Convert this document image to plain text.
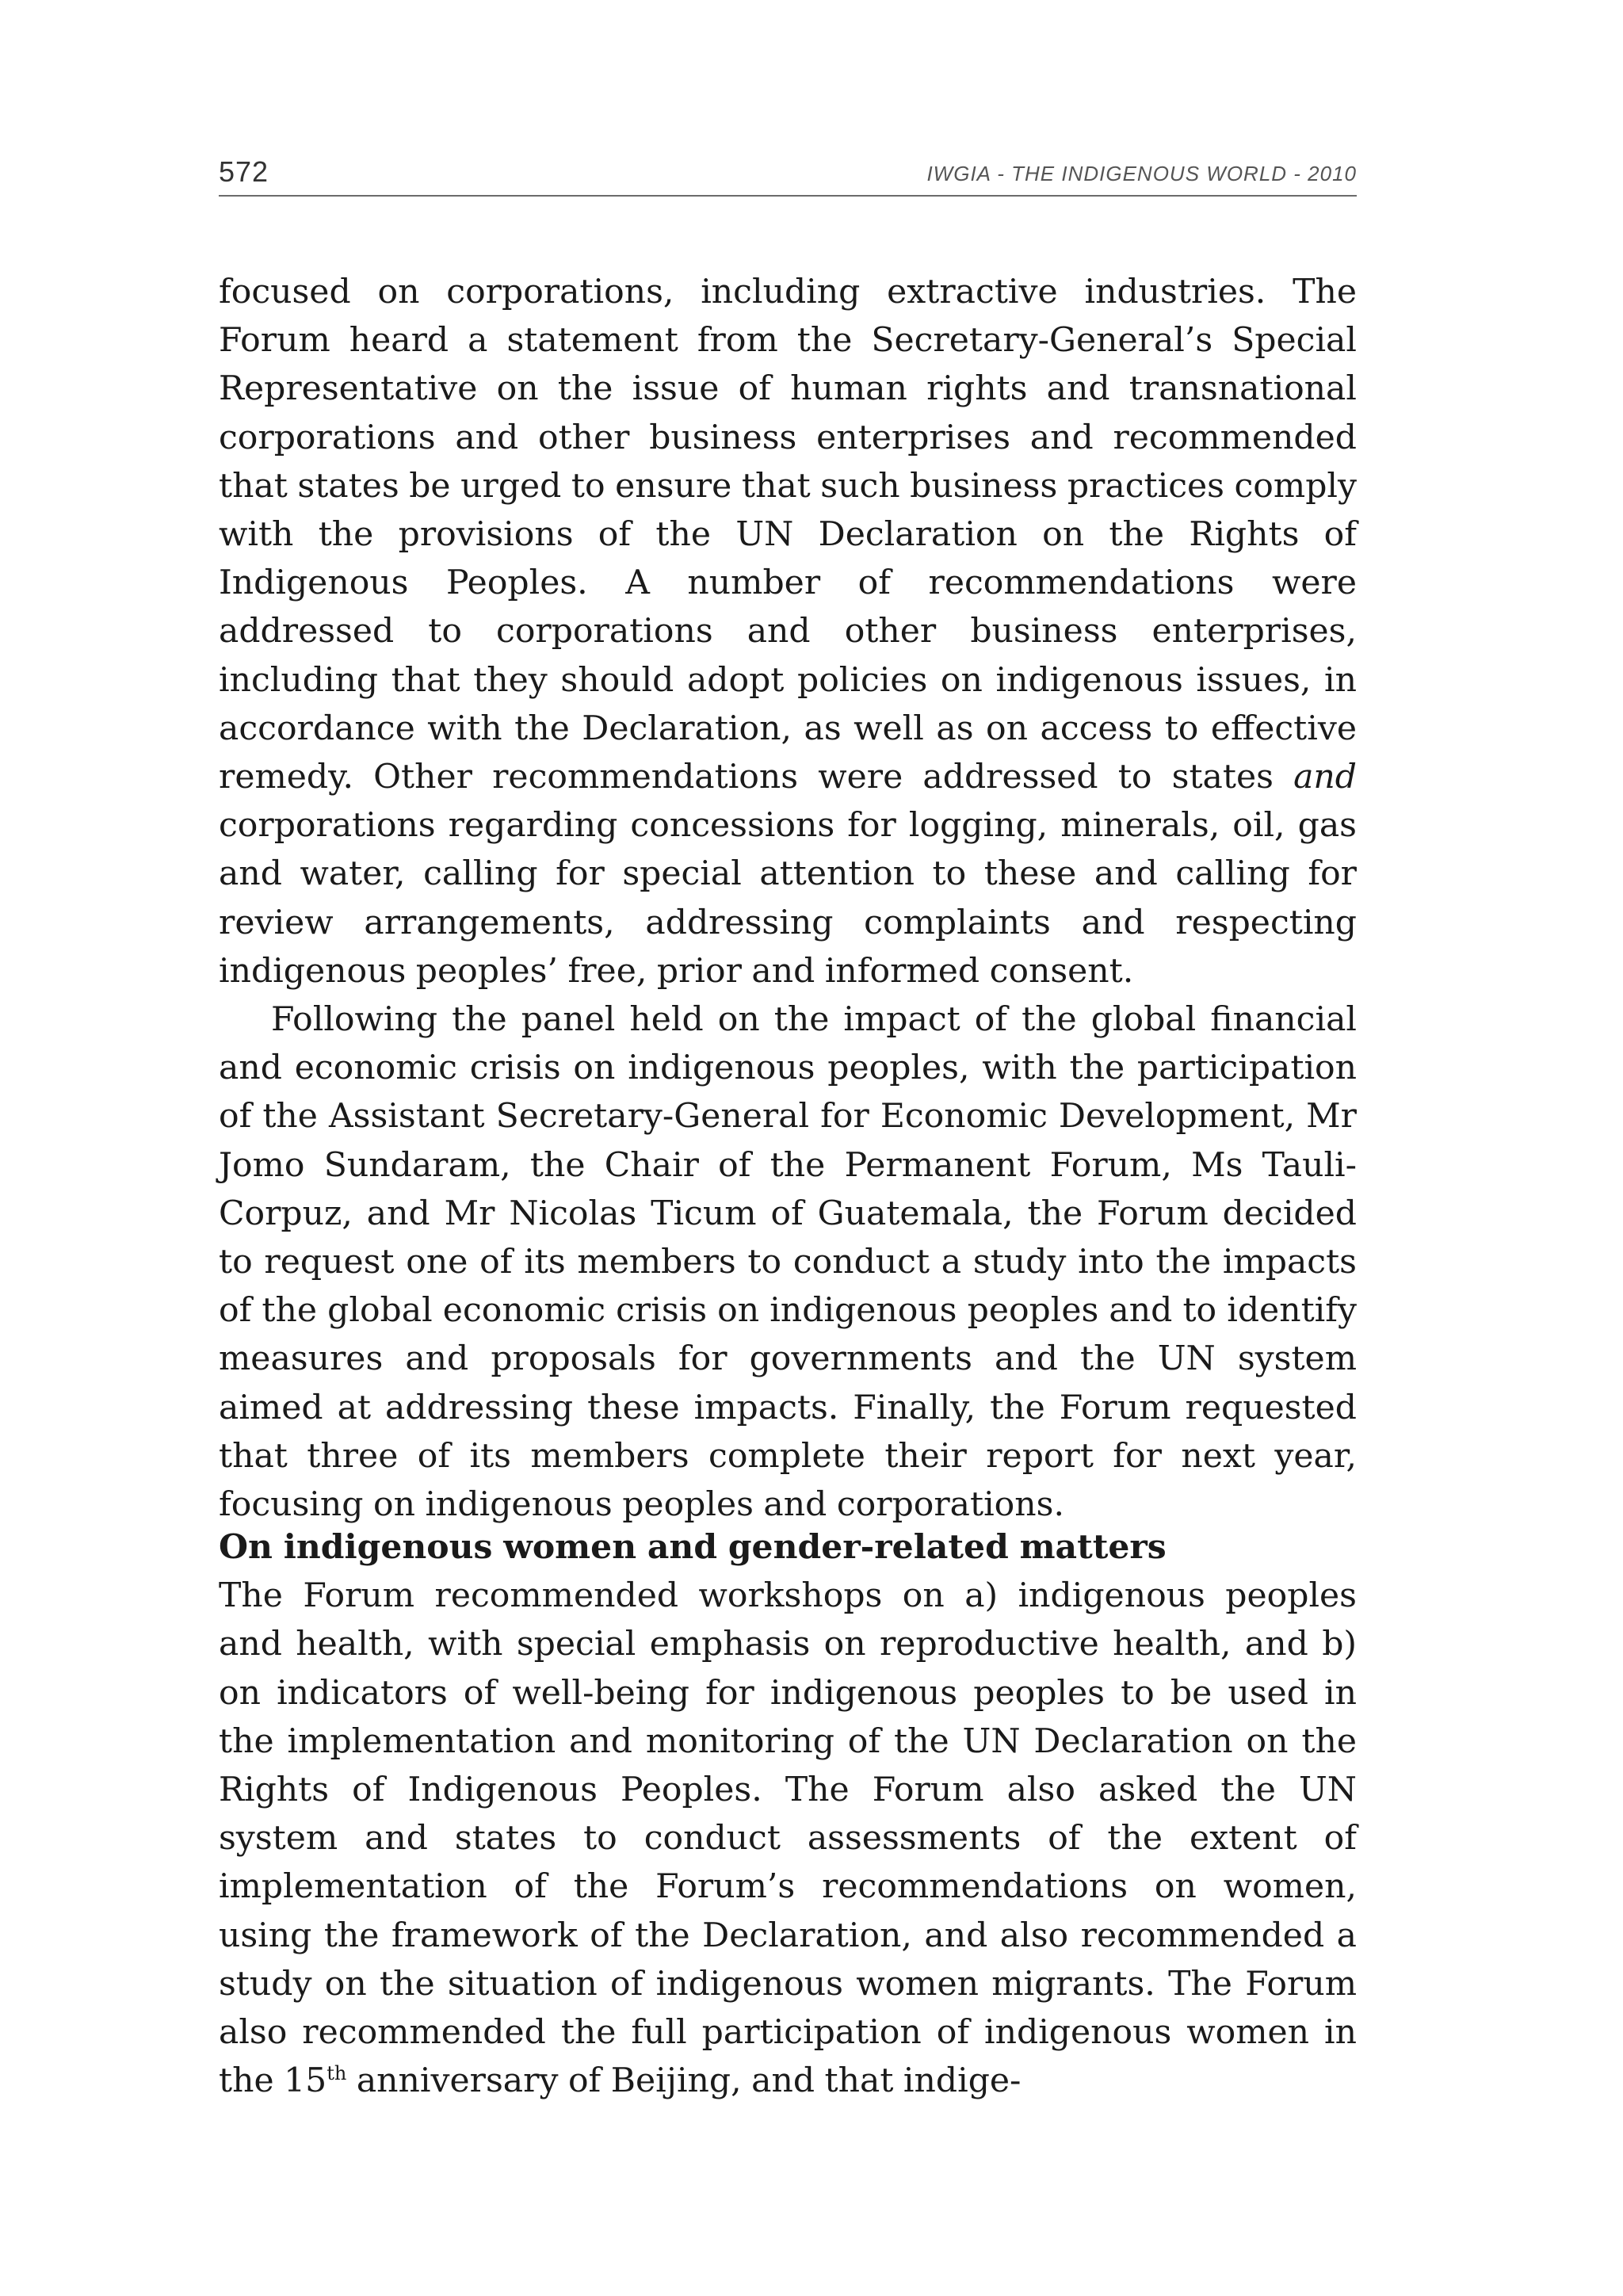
572	IWGIA - THE INDIGENOUS WORLD - 2010

focused on corporations, including extractive industries. The Forum heard a statement from the Secretary-General’s Special Representative on the issue of human rights and transnational corporations and other business enterprises and recommended that states be urged to ensure that such business practices comply with the provisions of the UN Declaration on the Rights of Indigenous Peoples. A number of recommendations were addressed to corporations and other business enterprises, including that they should adopt policies on indigenous issues, in accordance with the Declaration, as well as on access to effective remedy. Other recommendations were addressed to states and corporations regarding concessions for logging, minerals, oil, gas and water, calling for special attention to these and calling for review arrangements, addressing complaints and respecting indigenous peoples’ free, prior and informed consent.

Following the panel held on the impact of the global financial and economic crisis on indigenous peoples, with the participation of the Assistant Secretary-General for Economic Development, Mr Jomo Sundaram, the Chair of the Permanent Forum, Ms Tauli-Corpuz, and Mr Nicolas Ticum of Guatemala, the Forum decided to request one of its members to conduct a study into the impacts of the global economic crisis on indigenous peoples and to identify measures and proposals for governments and the UN system aimed at addressing these impacts. Finally, the Forum requested that three of its members complete their report for next year, focusing on indigenous peoples and corporations.

On indigenous women and gender-related matters

The Forum recommended workshops on a) indigenous peoples and health, with special emphasis on reproductive health, and b) on indicators of well-being for indigenous peoples to be used in the implementation and monitoring of the UN Declaration on the Rights of Indigenous Peoples. The Forum also asked the UN system and states to conduct assessments of the extent of implementation of the Forum’s recommendations on women, using the framework of the Declaration, and also recommended a study on the situation of indigenous women migrants. The Forum also recommended the full participation of indigenous women in the 15th anniversary of Beijing, and that indige-
